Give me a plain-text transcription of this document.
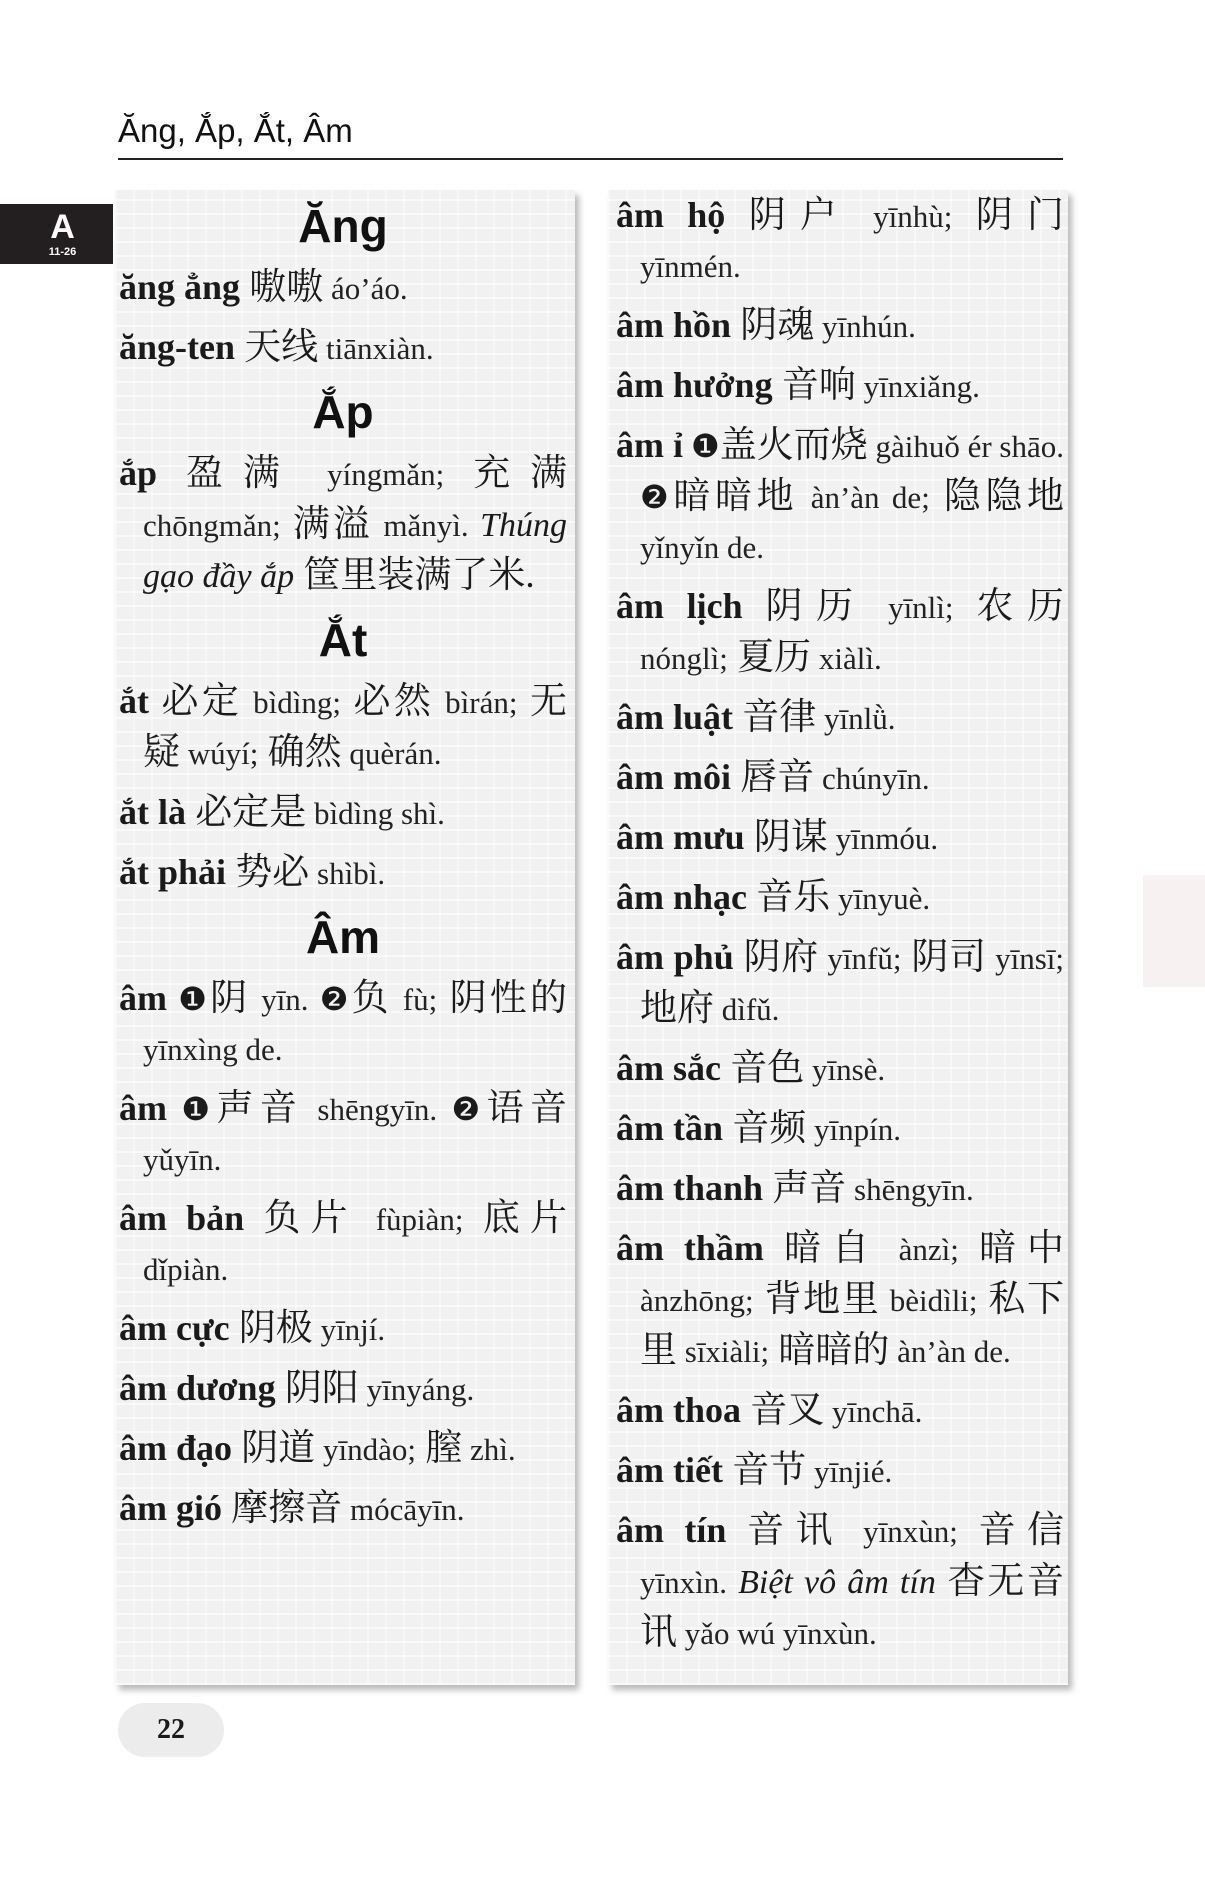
Ăng, Ắp, Ắt, Âm
A
11-26	Ăng

ăng ẳng 嗷嗷 áo’áo.

ăng-ten 天线 tiānxiàn.

Ắp

ắp 盈满 yíngmǎn; 充满 chōngmǎn; 满溢 mǎnyì. Thúng gạo đầy ắp 筐里装满了米.

Ắt

ắt 必定 bìdìng; 必然 bìrán; 无疑 wúyí; 确然 quèrán.

ắt là 必定是 bìdìng shì.

ắt phải 势必 shìbì.

Âm

âm ❶阴 yīn. ❷负 fù; 阴性的 yīnxìng de.

âm ❶声音 shēngyīn. ❷语音 yǔyīn.

âm bản 负片 fùpiàn; 底片 dǐpiàn.

âm cực 阴极 yīnjí.

âm dương 阴阳 yīnyáng.

âm đạo 阴道 yīndào; 膣 zhì.

âm gió 摩擦音 mócāyīn.

âm hộ 阴户 yīnhù; 阴门 yīnmén.

âm hồn 阴魂 yīnhún.

âm hưởng 音响 yīnxiǎng.

âm ỉ ❶盖火而烧 gàihuǒ ér shāo. ❷暗暗地 àn’àn de; 隐隐地 yǐnyǐn de.

âm lịch 阴历 yīnlì; 农历 nónglì; 夏历 xiàlì.

âm luật 音律 yīnlǜ.

âm môi 唇音 chúnyīn.

âm mưu 阴谋 yīnmóu.

âm nhạc 音乐 yīnyuè.

âm phủ 阴府 yīnfǔ; 阴司 yīnsī; 地府 dìfǔ.

âm sắc 音色 yīnsè.

âm tần 音频 yīnpín.

âm thanh 声音 shēngyīn.

âm thầm 暗自 ànzì; 暗中 ànzhōng; 背地里 bèidìli; 私下里 sīxiàli; 暗暗的 àn’àn de.

âm thoa 音叉 yīnchā.

âm tiết 音节 yīnjié.

âm tín 音讯 yīnxùn; 音信 yīnxìn. Biệt vô âm tín 杳无音讯 yǎo wú yīnxùn.

22
